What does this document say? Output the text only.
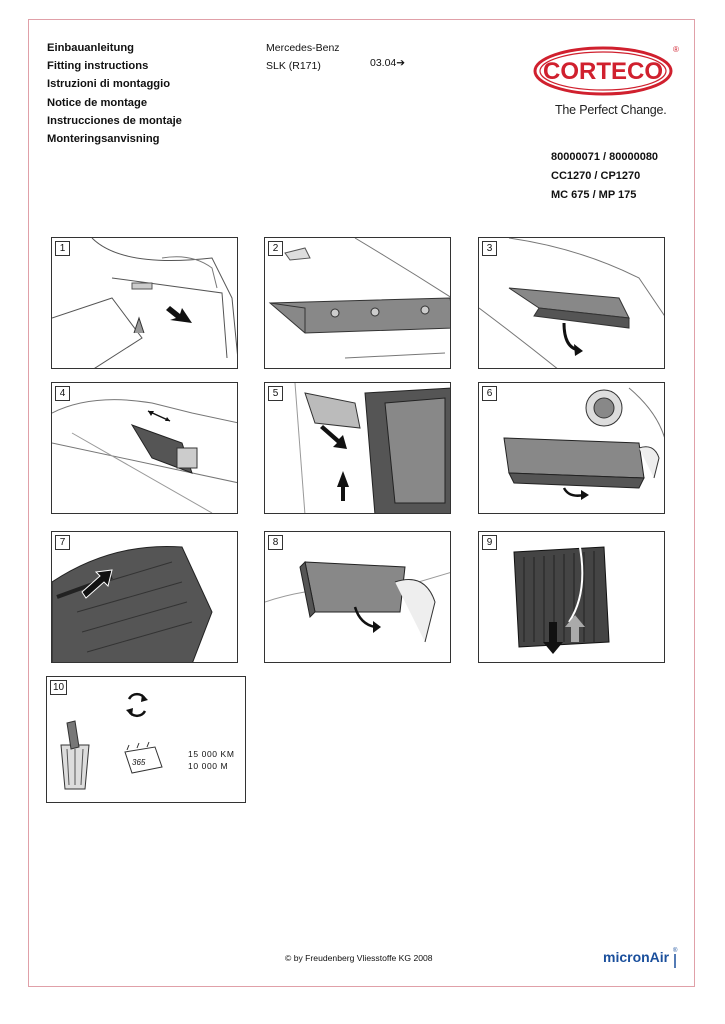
Einbauanleitung
Fitting instructions
Istruzioni di montaggio
Notice de montage
Instrucciones de montaje
Monteringsanvisning
Mercedes-Benz
SLK (R171)	03.04➔	CORTECO
®
The Perfect Change.
80000071 / 80000080
CC1270 / CP1270
MC 675 / MP 175
1	2	3
4	5	6
7	8	9
10
365
15 000 KM
10 000 M
© by Freudenberg Vliesstoffe KG 2008	micronAir ®
